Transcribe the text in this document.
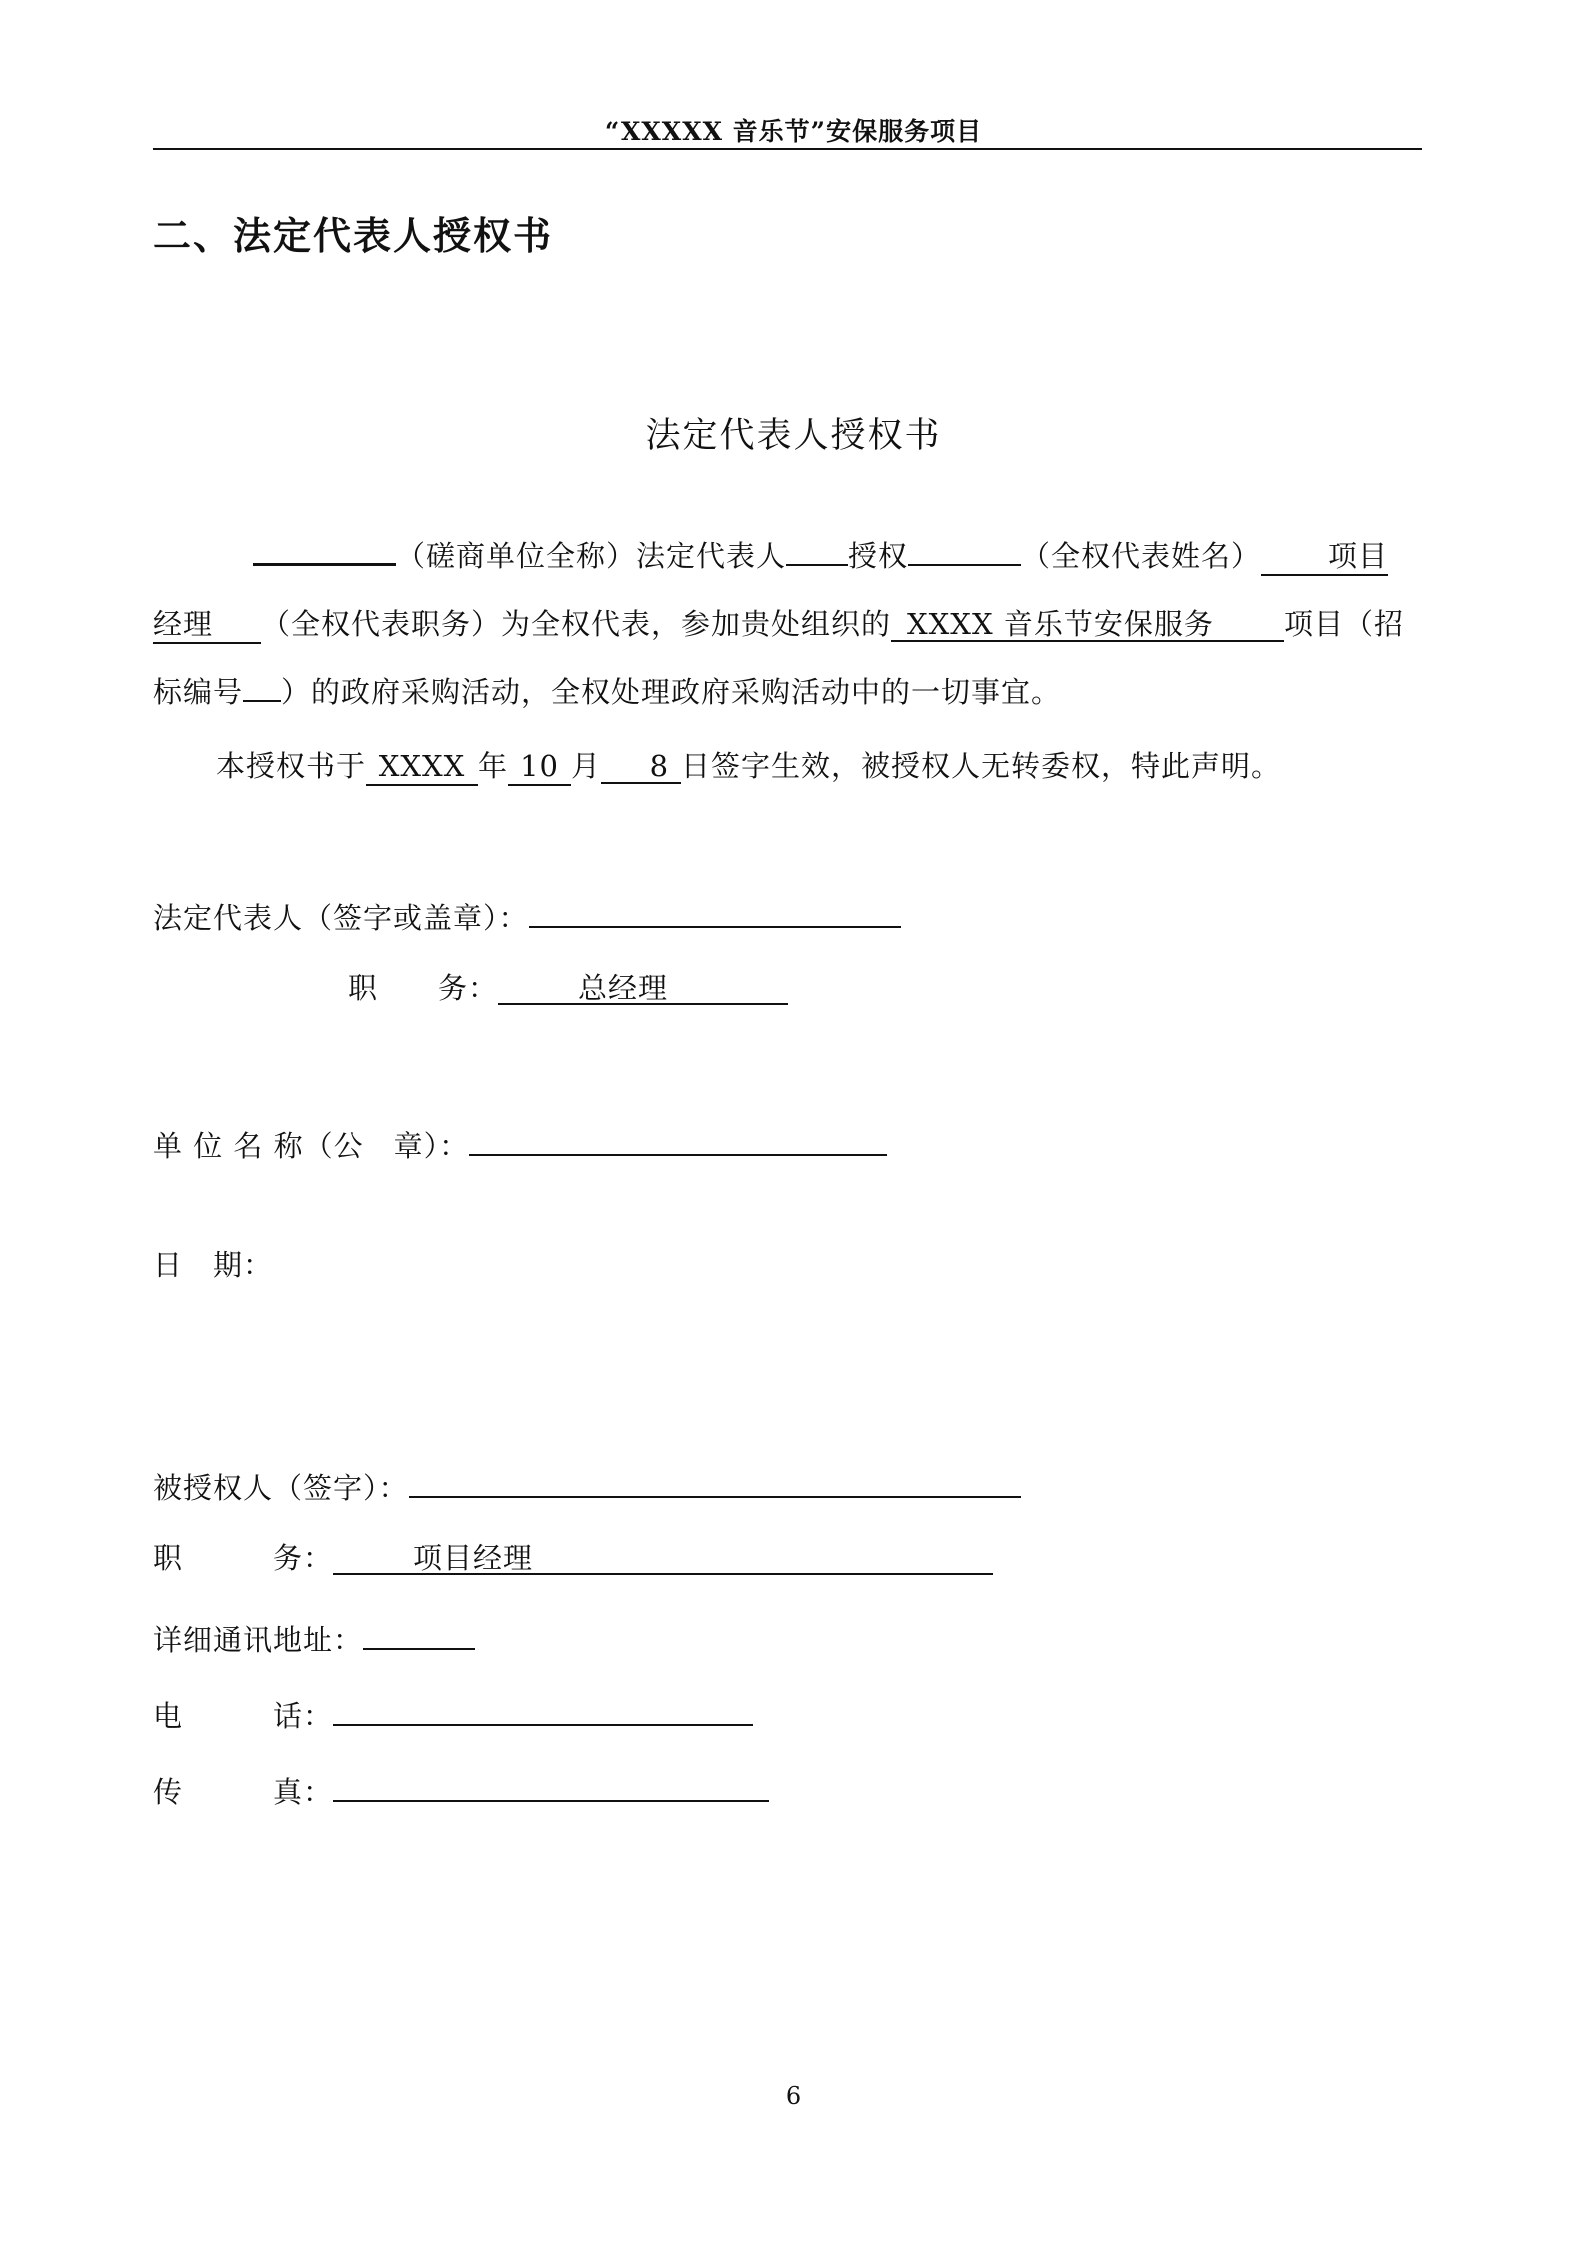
“XXXXX 音乐节”安保服务项目
二、法定代表人授权书
法定代表人授权书

（磋商单位全称）法定代表人 授权	（全权代表姓名） 项目

经理 （全权代表职务）为全权代表，参加贵处组织的 XXXX 音乐节安保服务 项目（招

标编号 ）的政府采购活动，全权处理政府采购活动中的一切事宜。

本授权书于 XXXX 年 10 月 8 日签字生效，被授权人无转委权，特此声明。

法定代表人（签字或盖章）：
职　　务：	总经理
单 位 名 称（公　章）：
日　期：
被授权人（签字）：
职　　　务：	项目经理
详细通讯地址：
电　　　话：
传　　　真：
6
